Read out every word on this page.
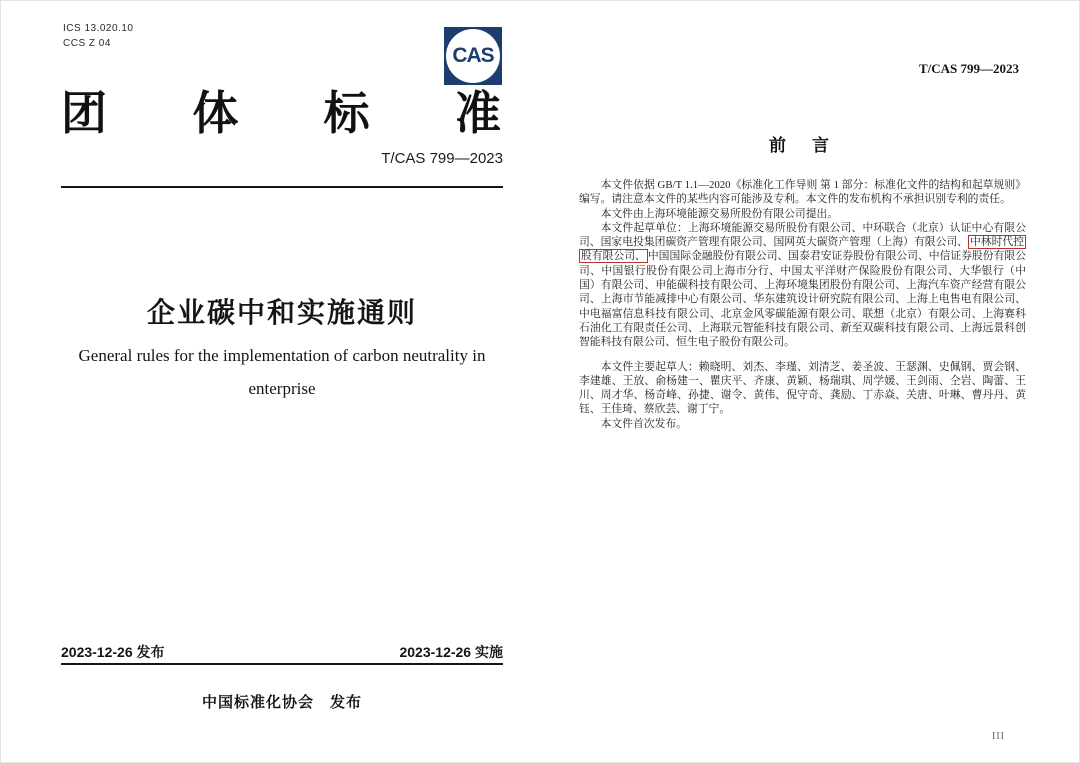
ICS 13.020.10
CCS Z 04
CAS
团 体 标 准
T/CAS 799—2023
企业碳中和实施通则
General rules for the implementation of carbon neutrality in
enterprise
2023-12-26 发布	2023-12-26 实施
中国标准化协会　发布
T/CAS 799—2023
前 言

本文件依据 GB/T 1.1—2020《标准化工作导则 第 1 部分：标准化文件的结构和起草规则》编写。请注意本文件的某些内容可能涉及专利。本文件的发布机构不承担识别专利的责任。

本文件由上海环境能源交易所股份有限公司提出。

本文件起草单位：上海环境能源交易所股份有限公司、中环联合（北京）认证中心有限公司、国家电投集团碳资产管理有限公司、国网英大碳资产管理（上海）有限公司、 中林时代控股有限公司、 中国国际金融股份有限公司、国泰君安证券股份有限公司、中信证券股份有限公司、中国银行股份有限公司上海市分行、中国太平洋财产保险股份有限公司、大华银行（中国）有限公司、申能碳科技有限公司、上海环境集团股份有限公司、上海汽车资产经营有限公司、上海市节能减排中心有限公司、华东建筑设计研究院有限公司、上海上电售电有限公司、中电福富信息科技有限公司、北京金风零碳能源有限公司、联想（北京）有限公司、上海赛科石油化工有限责任公司、上海联元智能科技有限公司、新至双碳科技有限公司、上海远景科创智能科技有限公司、恒生电子股份有限公司。

本文件主要起草人：赖晓明、刘杰、李瑾、刘清芝、姜圣波、王瑟渊、史佩钢、贾会钢、李建雄、王放、俞杨建一、瞿庆平、齐康、黄颖、杨瑞琪、周学媛、王剑雨、仝岩、陶蕾、王川、周才华、杨奇峰、孙捷、谢令、黄伟、倪守奇、龚励、丁赤焱、关唐、叶琳、曹丹丹、黄钰、王佳琦、蔡欣芸、谢丁宁。

本文件首次发布。

III
